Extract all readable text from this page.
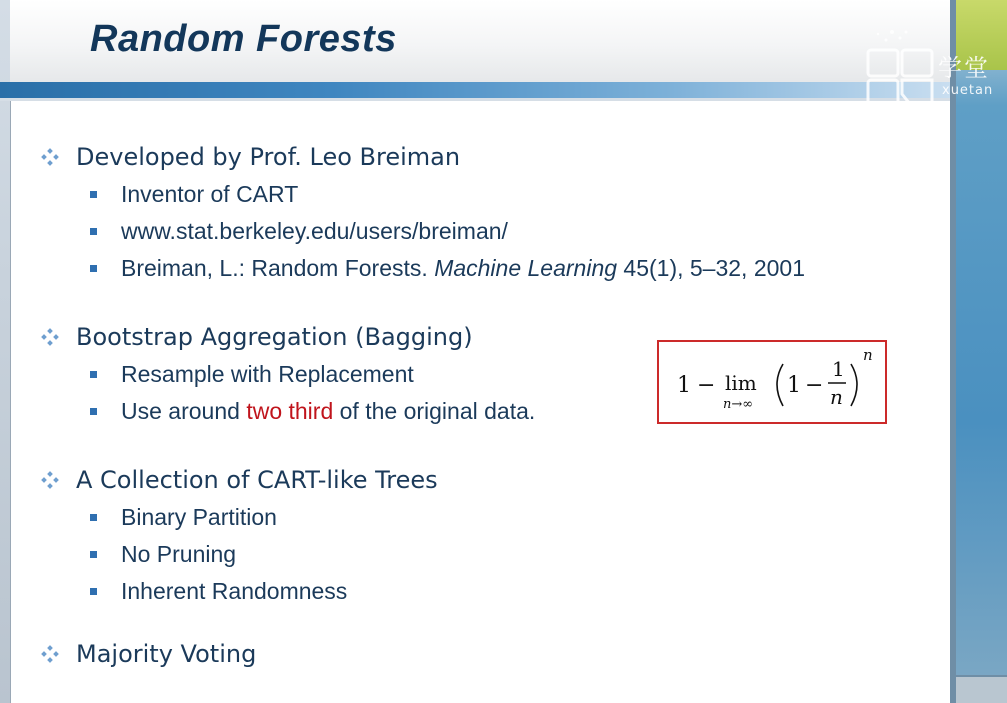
Random Forests
学堂
xuetan
Developed by Prof. Leo Breiman
Inventor of CART
www.stat.berkeley.edu/users/breiman/
Breiman, L.: Random Forests. Machine Learning 45(1), 5–32, 2001
Bootstrap Aggregation (Bagging)
Resample with Replacement
Use around two third of the original data.
A Collection of CART-like Trees
Binary Partition
No Pruning
Inherent Randomness
Majority Voting
1 − lim
n→∞
1 −
1
n
n
